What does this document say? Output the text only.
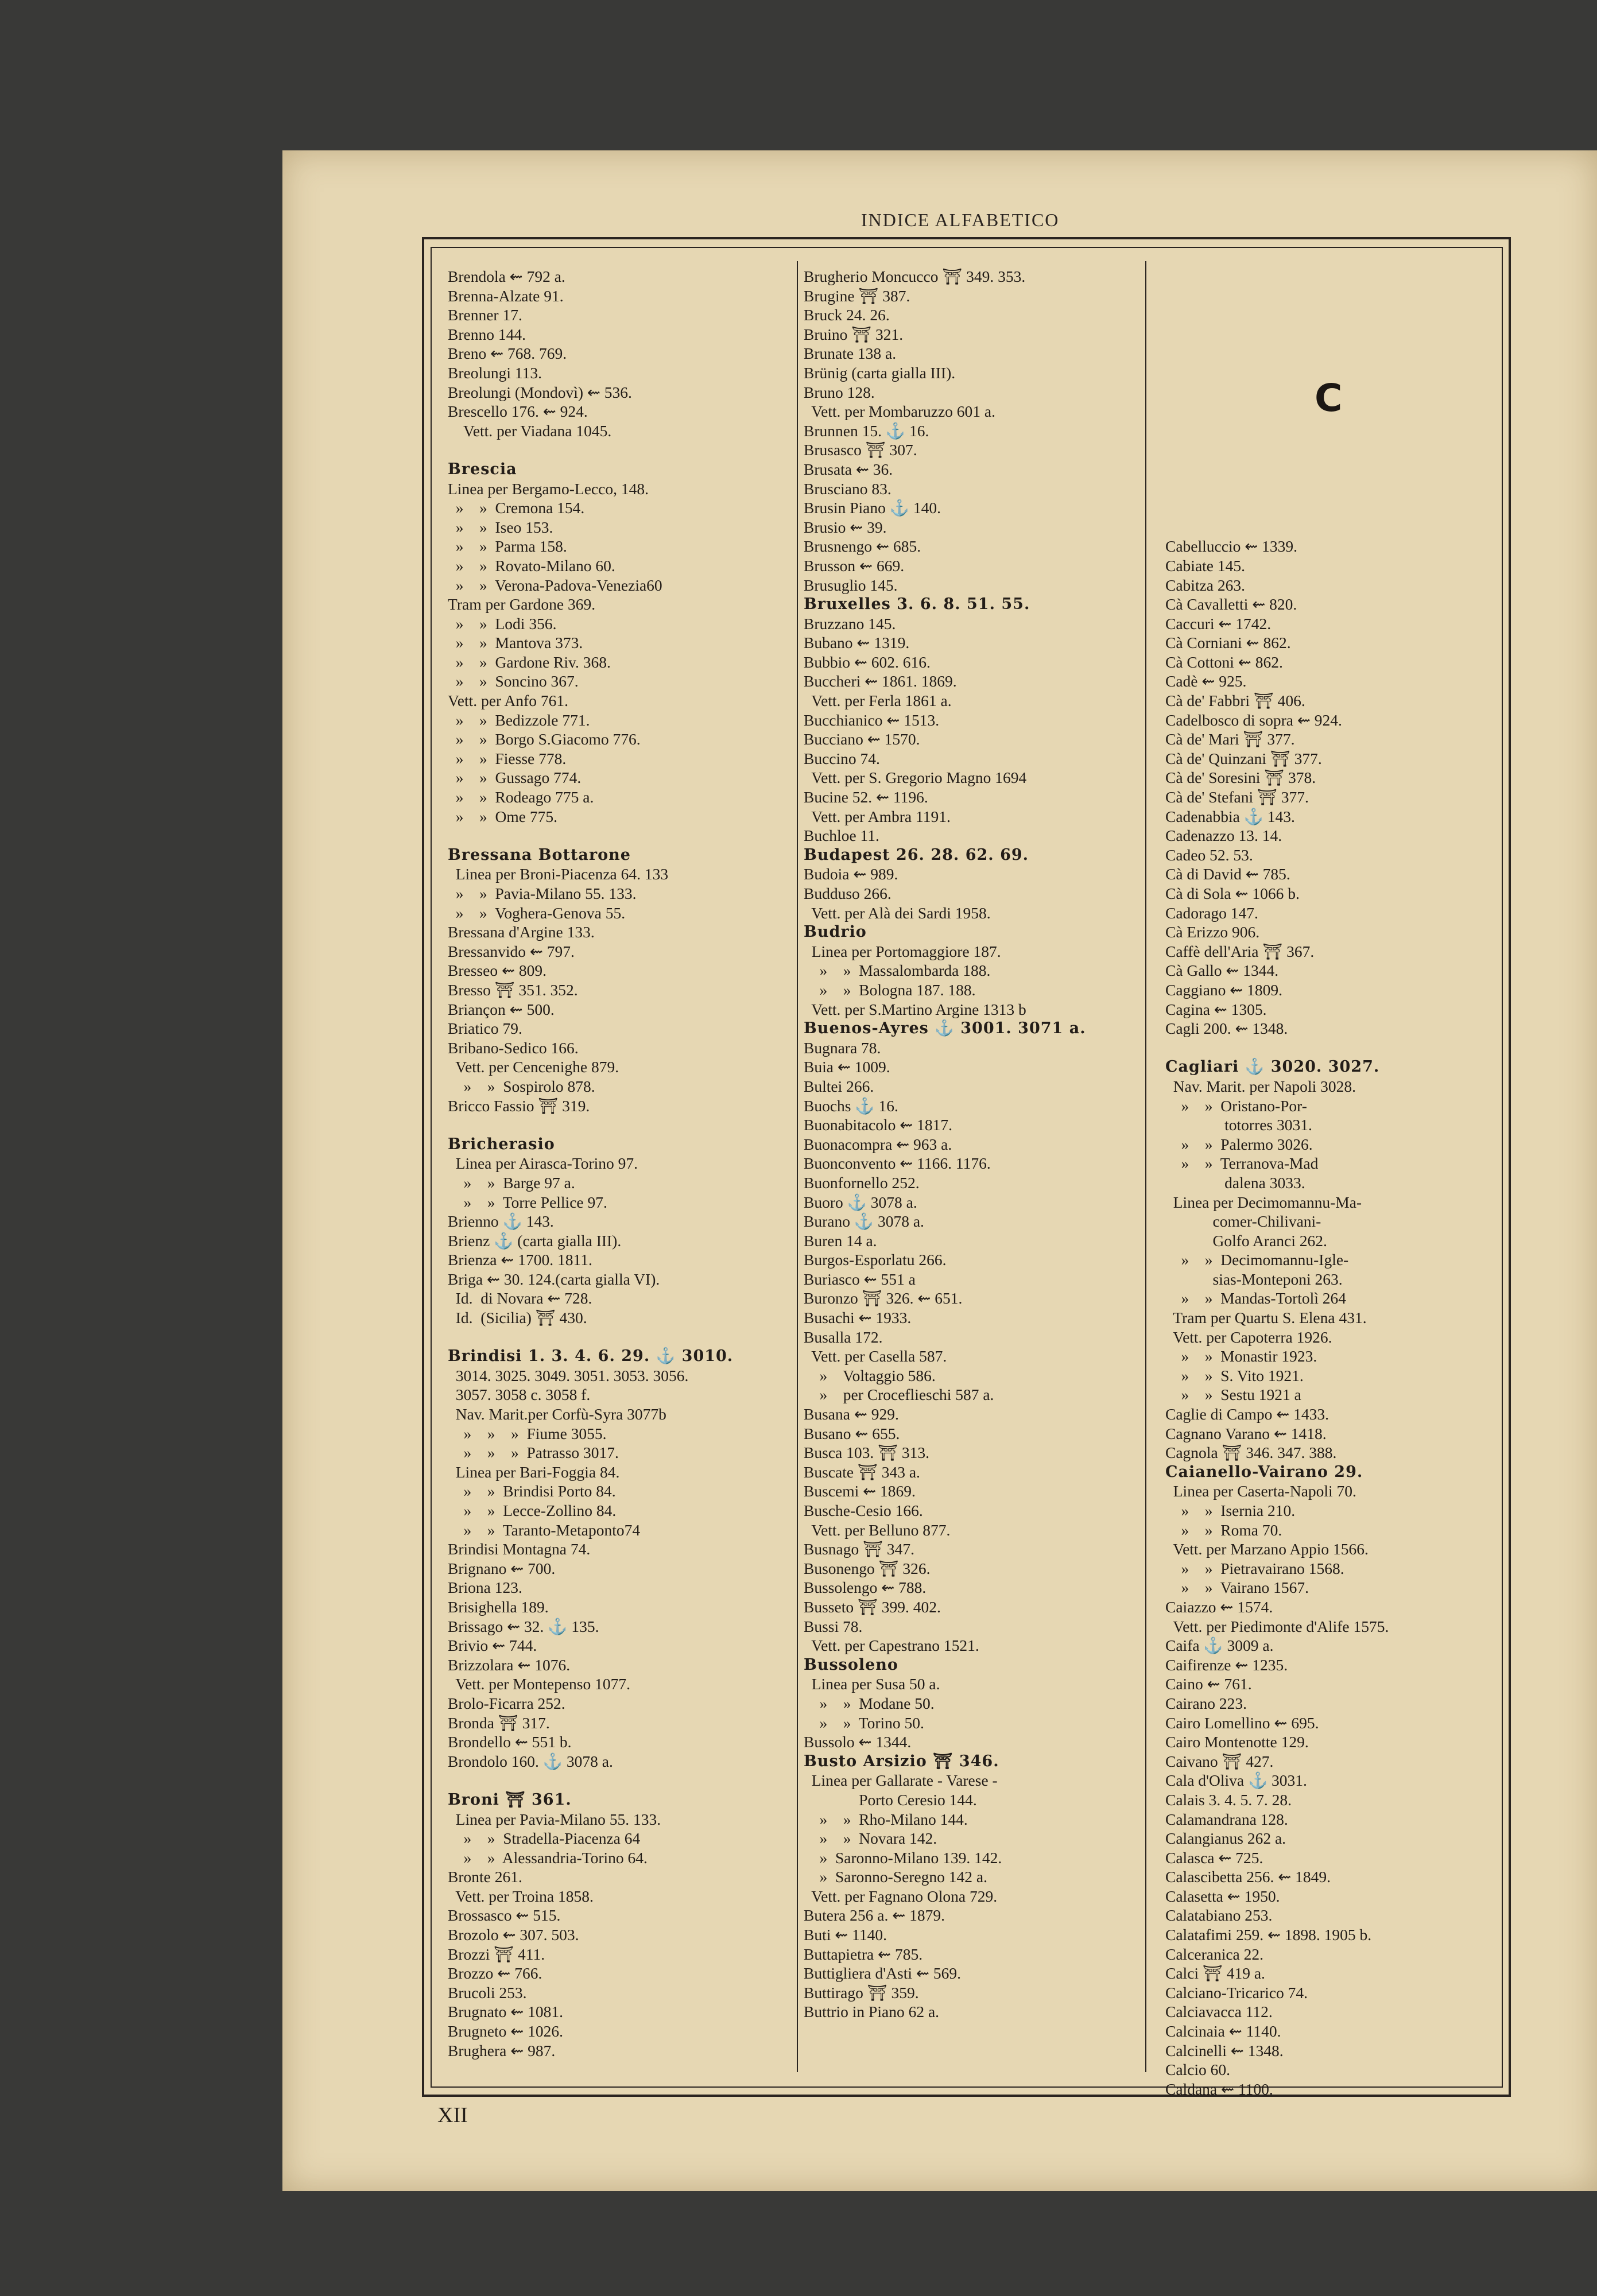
INDICE ALFABETICO
Brendola ⇜ 792 a.
Brenna-Alzate 91.
Brenner 17.
Brenno 144.
Breno ⇜ 768. 769.
Breolungi 113.
Breolungi (Mondovì) ⇜ 536.
Brescello 176. ⇜ 924.
Vett. per Viadana 1045.

Brescia
Linea per Bergamo-Lecco, 148.
»    »  Cremona 154.
»    »  Iseo 153.
»    »  Parma 158.
»    »  Rovato-Milano 60.
»    »  Verona-Padova-Venezia60
Tram per Gardone 369.
»    »  Lodi 356.
»    »  Mantova 373.
»    »  Gardone Riv. 368.
»    »  Soncino 367.
Vett. per Anfo 761.
»    »  Bedizzole 771.
»    »  Borgo S.Giacomo 776.
»    »  Fiesse 778.
»    »  Gussago 774.
»    »  Rodeago 775 a.
»    »  Ome 775.

Bressana Bottarone
Linea per Broni-Piacenza 64. 133
»    »  Pavia-Milano 55. 133.
»    »  Voghera-Genova 55.
Bressana d'Argine 133.
Bressanvido ⇜ 797.
Bresseo ⇜ 809.
Bresso ⛩ 351. 352.
Briançon ⇜ 500.
Briatico 79.
Bribano-Sedico 166.
Vett. per Cencenighe 879.
»    »  Sospirolo 878.
Bricco Fassio ⛩ 319.

Bricherasio
Linea per Airasca-Torino 97.
»    »  Barge 97 a.
»    »  Torre Pellice 97.
Brienno ⚓ 143.
Brienz ⚓ (carta gialla III).
Brienza ⇜ 1700. 1811.
Briga ⇜ 30. 124.(carta gialla VI).
Id.  di Novara ⇜ 728.
Id.  (Sicilia) ⛩ 430.

Brindisi 1. 3. 4. 6. 29. ⚓ 3010.
3014. 3025. 3049. 3051. 3053. 3056.
3057. 3058 c. 3058 f.
Nav. Marit.per Corfù-Syra 3077b
»    »    »  Fiume 3055.
»    »    »  Patrasso 3017.
Linea per Bari-Foggia 84.
»    »  Brindisi Porto 84.
»    »  Lecce-Zollino 84.
»    »  Taranto-Metaponto74
Brindisi Montagna 74.
Brignano ⇜ 700.
Briona 123.
Brisighella 189.
Brissago ⇜ 32. ⚓ 135.
Brivio ⇜ 744.
Brizzolara ⇜ 1076.
Vett. per Montepenso 1077.
Brolo-Ficarra 252.
Bronda ⛩ 317.
Brondello ⇜ 551 b.
Brondolo 160. ⚓ 3078 a.

Broni ⛩ 361.
Linea per Pavia-Milano 55. 133.
»    »  Stradella-Piacenza 64
»    »  Alessandria-Torino 64.
Bronte 261.
Vett. per Troina 1858.
Brossasco ⇜ 515.
Brozolo ⇜ 307. 503.
Brozzi ⛩ 411.
Brozzo ⇜ 766.
Brucoli 253.
Brugnato ⇜ 1081.
Brugneto ⇜ 1026.
Brughera ⇜ 987.
Brugherio Moncucco ⛩ 349. 353.
Brugine ⛩ 387.
Bruck 24. 26.
Bruino ⛩ 321.
Brunate 138 a.
Brünig (carta gialla III).
Bruno 128.
Vett. per Mombaruzzo 601 a.
Brunnen 15. ⚓ 16.
Brusasco ⛩ 307.
Brusata ⇜ 36.
Brusciano 83.
Brusin Piano ⚓ 140.
Brusio ⇜ 39.
Brusnengo ⇜ 685.
Brusson ⇜ 669.
Brusuglio 145.
Bruxelles 3. 6. 8. 51. 55.
Bruzzano 145.
Bubano ⇜ 1319.
Bubbio ⇜ 602. 616.
Buccheri ⇜ 1861. 1869.
Vett. per Ferla 1861 a.
Bucchianico ⇜ 1513.
Bucciano ⇜ 1570.
Buccino 74.
Vett. per S. Gregorio Magno 1694
Bucine 52. ⇜ 1196.
Vett. per Ambra 1191.
Buchloe 11.
Budapest 26. 28. 62. 69.
Budoia ⇜ 989.
Budduso 266.
Vett. per Alà dei Sardi 1958.
Budrio
Linea per Portomaggiore 187.
»    »  Massalombarda 188.
»    »  Bologna 187. 188.
Vett. per S.Martino Argine 1313 b
Buenos-Ayres ⚓ 3001. 3071 a.
Bugnara 78.
Buia ⇜ 1009.
Bultei 266.
Buochs ⚓ 16.
Buonabitacolo ⇜ 1817.
Buonacompra ⇜ 963 a.
Buonconvento ⇜ 1166. 1176.
Buonfornello 252.
Buoro ⚓ 3078 a.
Burano ⚓ 3078 a.
Buren 14 a.
Burgos-Esporlatu 266.
Buriasco ⇜ 551 a
Buronzo ⛩ 326. ⇜ 651.
Busachi ⇜ 1933.
Busalla 172.
Vett. per Casella 587.
»    Voltaggio 586.
»    per Croceflieschi 587 a.
Busana ⇜ 929.
Busano ⇜ 655.
Busca 103. ⛩ 313.
Buscate ⛩ 343 a.
Buscemi ⇜ 1869.
Busche-Cesio 166.
Vett. per Belluno 877.
Busnago ⛩ 347.
Busonengo ⛩ 326.
Bussolengo ⇜ 788.
Busseto ⛩ 399. 402.
Bussi 78.
Vett. per Capestrano 1521.
Bussoleno
Linea per Susa 50 a.
»    »  Modane 50.
»    »  Torino 50.
Bussolo ⇜ 1344.
Busto Arsizio ⛩ 346.
Linea per Gallarate - Varese -
Porto Ceresio 144.
»    »  Rho-Milano 144.
»    »  Novara 142.
»  Saronno-Milano 139. 142.
»  Saronno-Seregno 142 a.
Vett. per Fagnano Olona 729.
Butera 256 a. ⇜ 1879.
Buti ⇜ 1140.
Buttapietra ⇜ 785.
Buttigliera d'Asti ⇜ 569.
Buttirago ⛩ 359.
Buttrio in Piano 62 a.

Cabelluccio ⇜ 1339.
Cabiate 145.
Cabitza 263.
Cà Cavalletti ⇜ 820.
Caccuri ⇜ 1742.
Cà Corniani ⇜ 862.
Cà Cottoni ⇜ 862.
Cadè ⇜ 925.
Cà de' Fabbri ⛩ 406.
Cadelbosco di sopra ⇜ 924.
Cà de' Mari ⛩ 377.
Cà de' Quinzani ⛩ 377.
Cà de' Soresini ⛩ 378.
Cà de' Stefani ⛩ 377.
Cadenabbia ⚓ 143.
Cadenazzo 13. 14.
Cadeo 52. 53.
Cà di David ⇜ 785.
Cà di Sola ⇜ 1066 b.
Cadorago 147.
Cà Erizzo 906.
Caffè dell'Aria ⛩ 367.
Cà Gallo ⇜ 1344.
Caggiano ⇜ 1809.
Cagina ⇜ 1305.
Cagli 200. ⇜ 1348.

Cagliari ⚓ 3020. 3027.
Nav. Marit. per Napoli 3028.
»    »  Oristano-Por-
totorres 3031.
»    »  Palermo 3026.
»    »  Terranova-Mad
dalena 3033.
Linea per Decimomannu-Ma-
comer-Chilivani-
Golfo Aranci 262.
»    »  Decimomannu-Igle-
sias-Monteponi 263.
»    »  Mandas-Tortolì 264
Tram per Quartu S. Elena 431.
Vett. per Capoterra 1926.
»    »  Monastir 1923.
»    »  S. Vito 1921.
»    »  Sestu 1921 a
Caglie di Campo ⇜ 1433.
Cagnano Varano ⇜ 1418.
Cagnola ⛩ 346. 347. 388.
Caianello-Vairano 29.
Linea per Caserta-Napoli 70.
»    »  Isernia 210.
»    »  Roma 70.
Vett. per Marzano Appio 1566.
»    »  Pietravairano 1568.
»    »  Vairano 1567.
Caiazzo ⇜ 1574.
Vett. per Piedimonte d'Alife 1575.
Caifa ⚓ 3009 a.
Caifirenze ⇜ 1235.
Caino ⇜ 761.
Cairano 223.
Cairo Lomellino ⇜ 695.
Cairo Montenotte 129.
Caivano ⛩ 427.
Cala d'Oliva ⚓ 3031.
Calais 3. 4. 5. 7. 28.
Calamandrana 128.
Calangianus 262 a.
Calasca ⇜ 725.
Calascibetta 256. ⇜ 1849.
Calasetta ⇜ 1950.
Calatabiano 253.
Calatafimi 259. ⇜ 1898. 1905 b.
Calceranica 22.
Calci ⛩ 419 a.
Calciano-Tricarico 74.
Calciavacca 112.
Calcinaia ⇜ 1140.
Calcinelli ⇜ 1348.
Calcio 60.
Caldana ⇜ 1100.
C
XII
